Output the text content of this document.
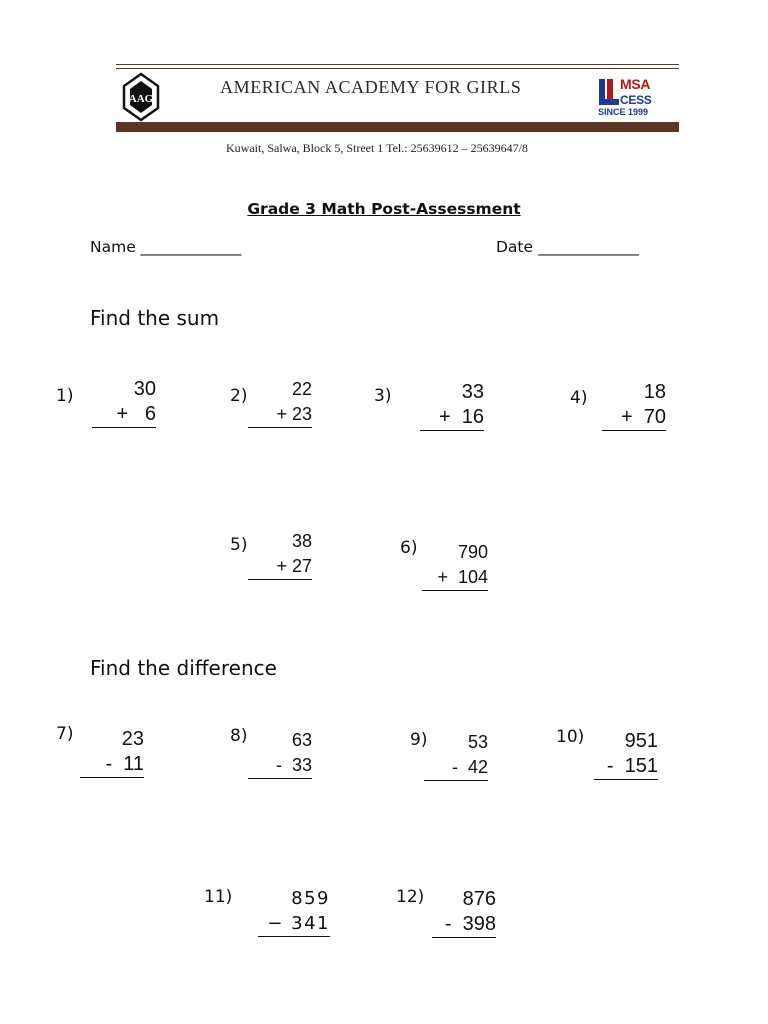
AAG
AMERICAN ACADEMY FOR GIRLS	MSA
CESS
SINCE 1999
Kuwait, Salwa, Block 5, Street 1 Tel.: 25639612 – 25639647/8
Grade 3 Math Post-Assessment
Name _____________	Date _____________
Find the sum
Find the difference
1)	30
+   6
2)	22
+ 23
3)	33
+  16
4)	18
+  70
5)	38
+ 27
6)	790
+  104
7)	23
-  11
8)	63
-  33
9)	53
-  42
10)	951
-  151
11)	859
− 341
12)	876
-  398
